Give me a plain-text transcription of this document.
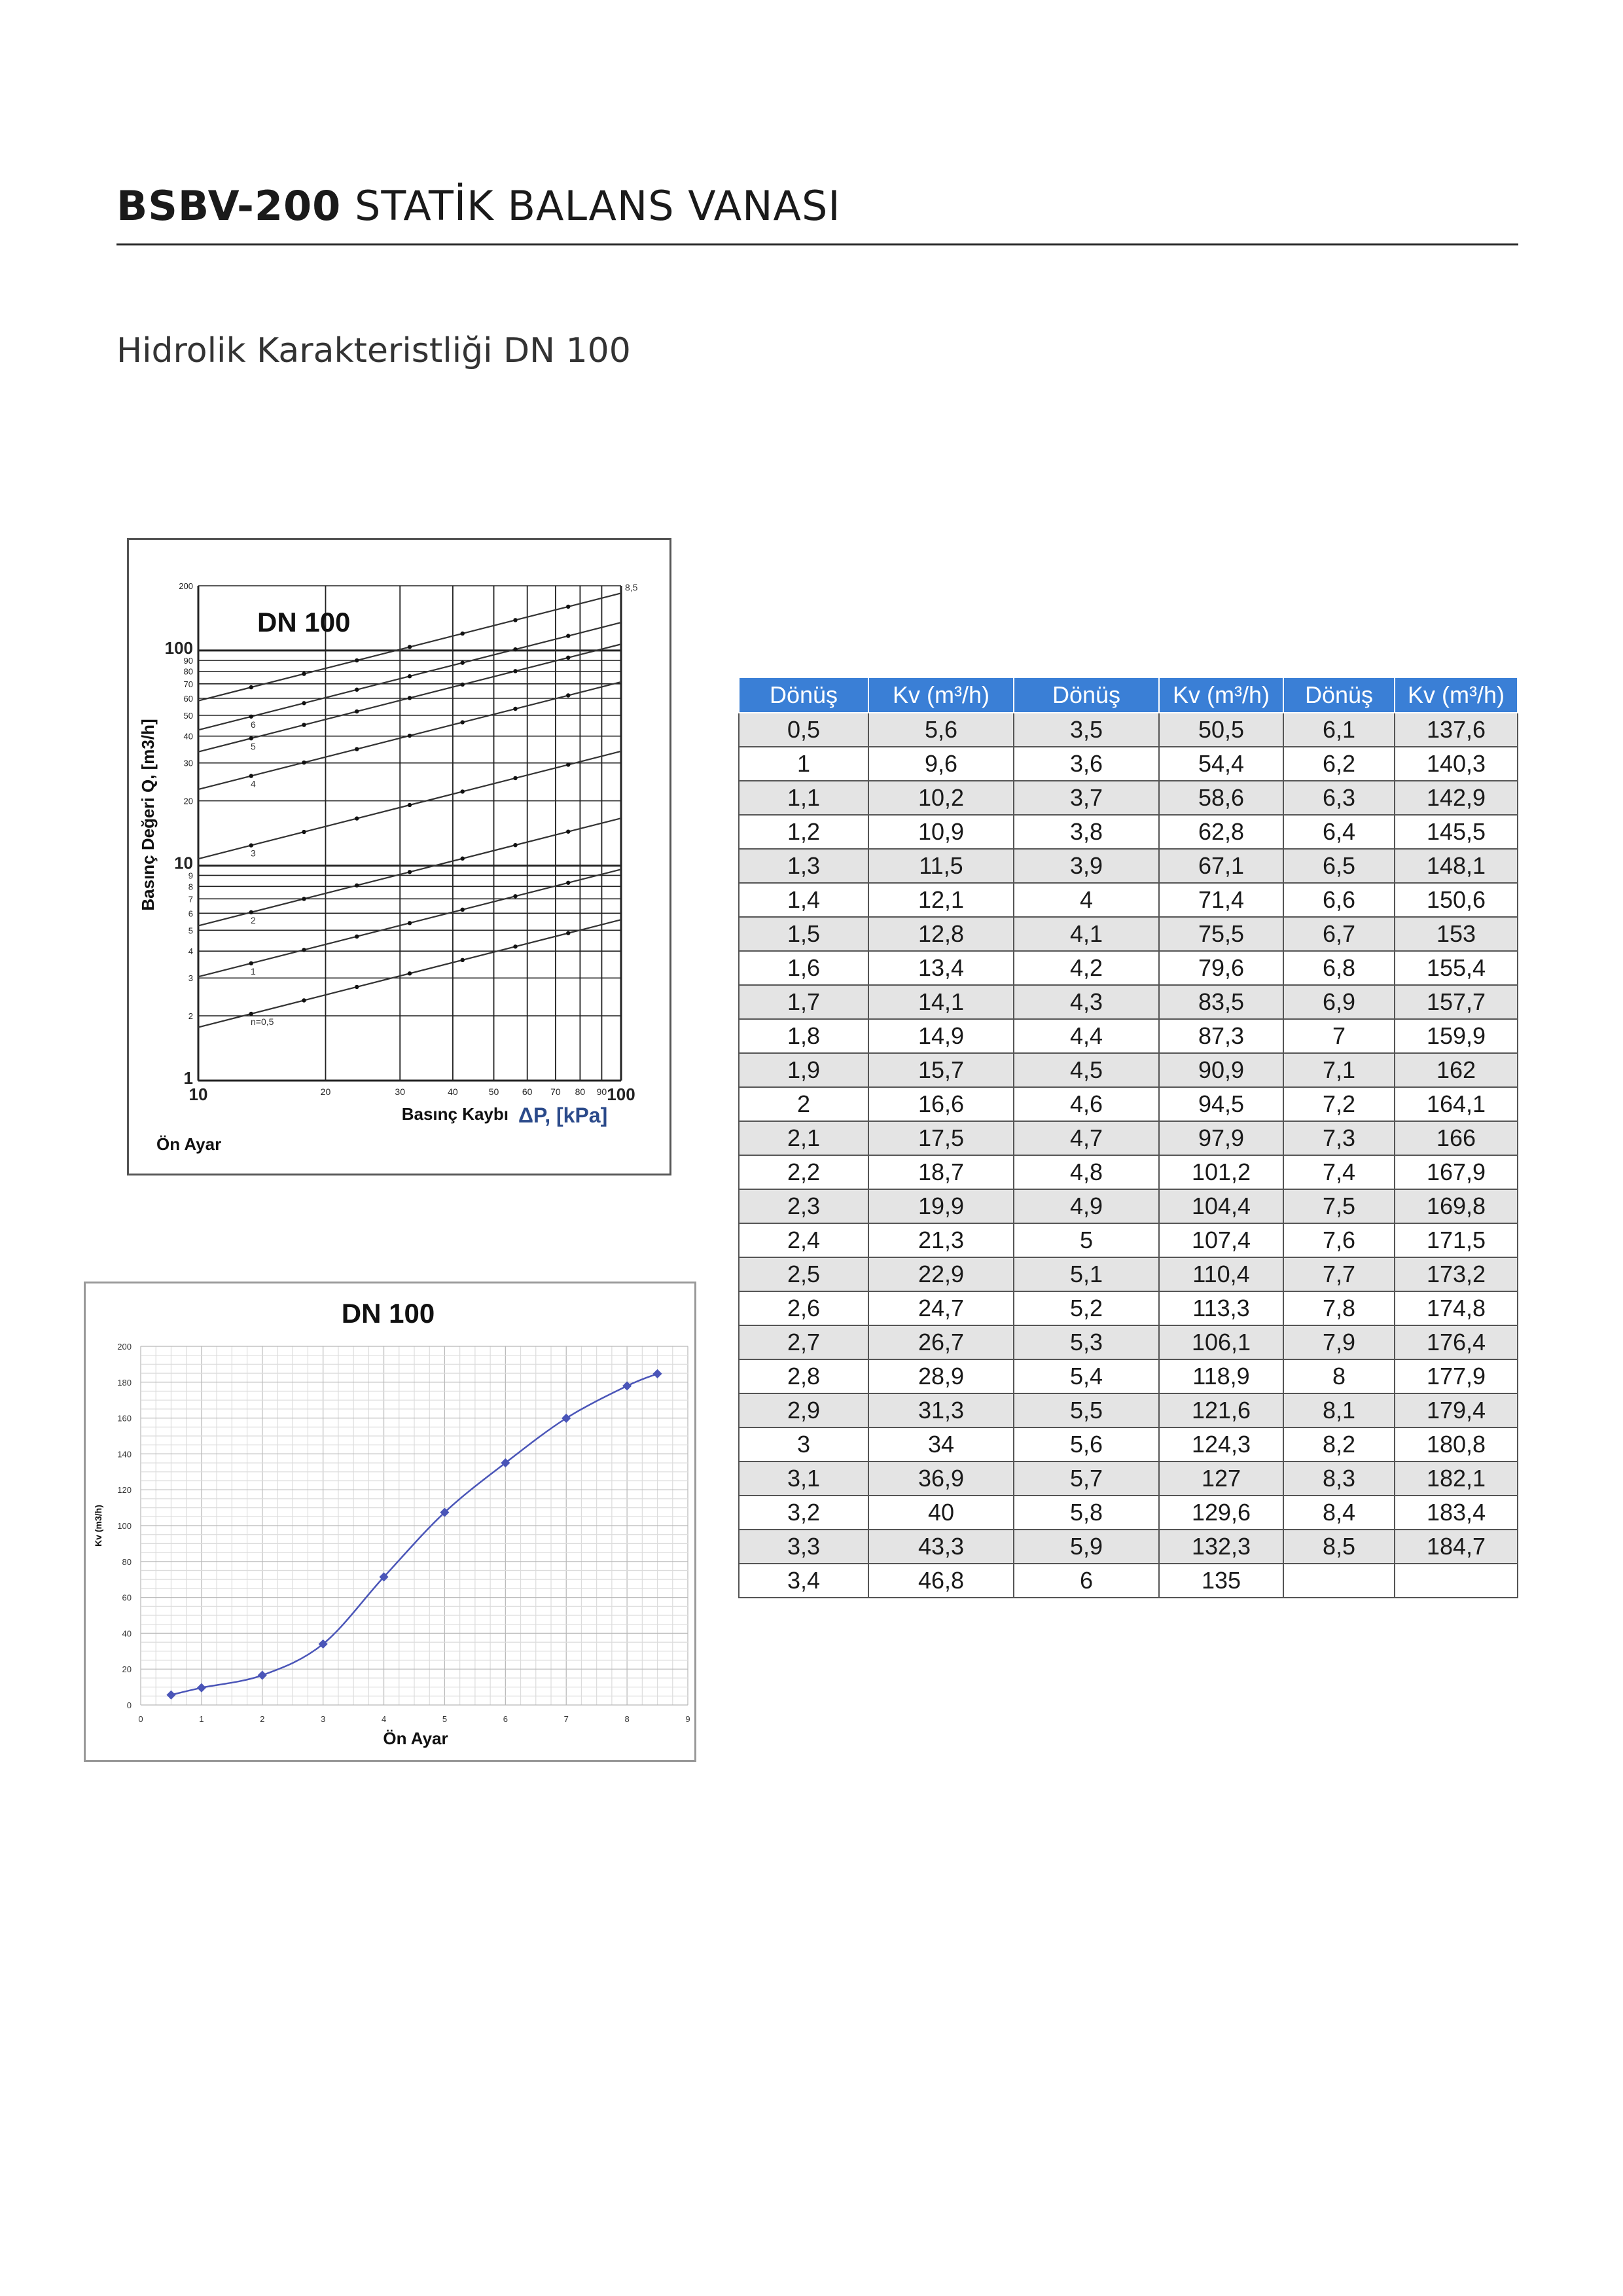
BSBV-200 STATİK BALANS VANASI
Hidrolik Karakteristliği DN 100
1
2
3
4
5
6
7
8
9
10
20
30
40
50
60
70
80
90
100
200
10	20	30	40	50	60 70 80 90 100
n=0,5
1
2
3
4
5
6
8,5
DN 100
Basınç Değeri Q, [m3/h]
Basınç Kaybı ΔP, [kPa]
Ön Ayar
0	1	2	3	4	5	6	7	8	9
0
20
40
60
80
100
120
140
160
180
200
DN 100
Kv (m3/h)
Ön Ayar
Dönüş	Kv (m³/h)	Dönüş	Kv (m³/h)	Dönüş	Kv (m³/h)
0,5	5,6	3,5	50,5	6,1	137,6
1	9,6	3,6	54,4	6,2	140,3
1,1	10,2	3,7	58,6	6,3	142,9
1,2	10,9	3,8	62,8	6,4	145,5
1,3	11,5	3,9	67,1	6,5	148,1
1,4	12,1	4	71,4	6,6	150,6
1,5	12,8	4,1	75,5	6,7	153
1,6	13,4	4,2	79,6	6,8	155,4
1,7	14,1	4,3	83,5	6,9	157,7
1,8	14,9	4,4	87,3	7	159,9
1,9	15,7	4,5	90,9	7,1	162
2	16,6	4,6	94,5	7,2	164,1
2,1	17,5	4,7	97,9	7,3	166
2,2	18,7	4,8	101,2	7,4	167,9
2,3	19,9	4,9	104,4	7,5	169,8
2,4	21,3	5	107,4	7,6	171,5
2,5	22,9	5,1	110,4	7,7	173,2
2,6	24,7	5,2	113,3	7,8	174,8
2,7	26,7	5,3	106,1	7,9	176,4
2,8	28,9	5,4	118,9	8	177,9
2,9	31,3	5,5	121,6	8,1	179,4
3	34	5,6	124,3	8,2	180,8
3,1	36,9	5,7	127	8,3	182,1
3,2	40	5,8	129,6	8,4	183,4
3,3	43,3	5,9	132,3	8,5	184,7
3,4	46,8	6	135		
